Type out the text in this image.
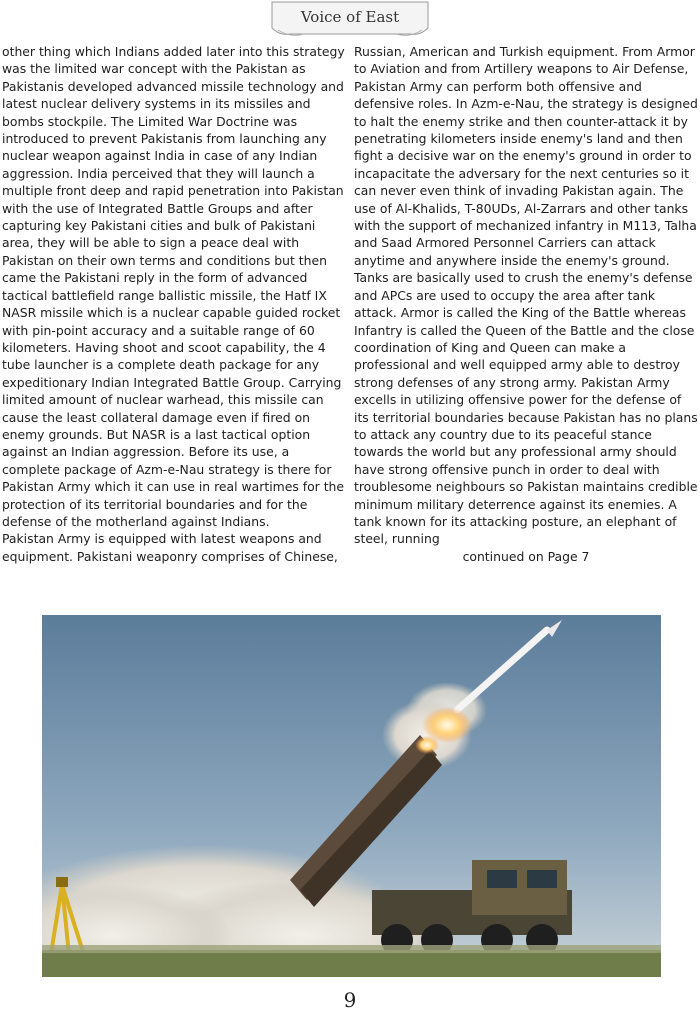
Voice of East

other thing which Indians added later into this strategy was the limited war concept with the Pakistan as Pakistanis developed advanced missile technology and latest nuclear delivery systems in its missiles and bombs stockpile. The Limited War Doctrine was introduced to prevent Pakistanis from launching any nuclear weapon against India in case of any Indian aggression. India perceived that they will launch a multiple front deep and rapid penetration into Pakistan with the use of Integrated Battle Groups and after capturing key Pakistani cities and bulk of Pakistani area, they will be able to sign a peace deal with Pakistan on their own terms and conditions but then came the Pakistani reply in the form of advanced tactical battlefield range ballistic missile, the Hatf IX NASR missile which is a nuclear capable guided rocket with pin-point accuracy and a suitable range of 60 kilometers. Having shoot and scoot capability, the 4 tube launcher is a complete death package for any expeditionary Indian Integrated Battle Group. Carrying limited amount of nuclear warhead, this missile can cause the least collateral damage even if fired on enemy grounds. But NASR is a last tactical option against an Indian aggression. Before its use, a complete package of Azm-e-Nau strategy is there for Pakistan Army which it can use in real wartimes for the protection of its territorial boundaries and for the defense of the motherland against Indians.

Pakistan Army is equipped with latest weapons and equipment. Pakistani weaponry comprises of Chinese,

Russian, American and Turkish equipment. From Armor to Aviation and from Artillery weapons to Air Defense, Pakistan Army can perform both offensive and defensive roles. In Azm-e-Nau, the strategy is designed to halt the enemy strike and then counter-attack it by penetrating kilometers inside enemy's land and then fight a decisive war on the enemy's ground in order to incapacitate the adversary for the next centuries so it can never even think of invading Pakistan again. The use of Al-Khalids, T-80UDs, Al-Zarrars and other tanks with the support of mechanized infantry in M113, Talha and Saad Armored Personnel Carriers can attack anytime and anywhere inside the enemy's ground. Tanks are basically used to crush the enemy's defense and APCs are used to occupy the area after tank attack. Armor is called the King of the Battle whereas Infantry is called the Queen of the Battle and the close coordination of King and Queen can make a professional and well equipped army able to destroy strong defenses of any strong army. Pakistan Army excells in utilizing offensive power for the defense of its territorial boundaries because Pakistan has no plans to attack any country due to its peaceful stance towards the world but any professional army should have strong offensive punch in order to deal with troublesome neighbours so Pakistan maintains credible minimum military deterrence against its enemies. A tank known for its attacking posture, an elephant of steel, running

continued on Page 7

9
